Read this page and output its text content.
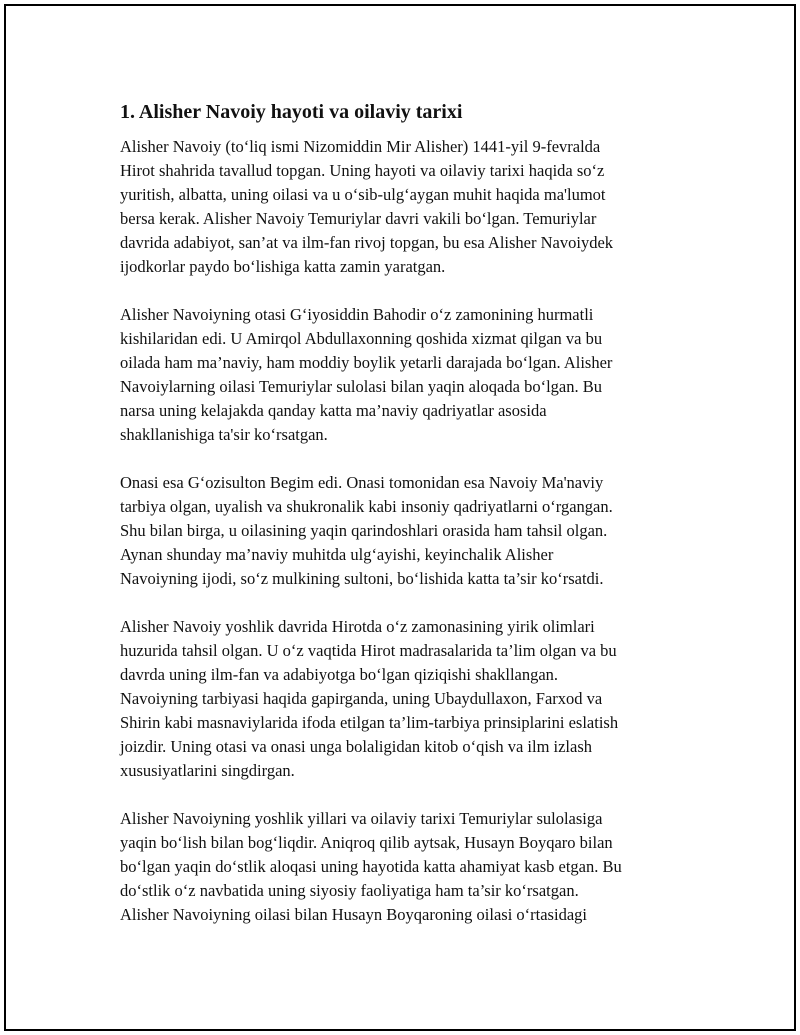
1. Alisher Navoiy hayoti va oilaviy tarixi

Alisher Navoiy (to‘liq ismi Nizomiddin Mir Alisher) 1441-yil 9-fevralda
Hirot shahrida tavallud topgan. Uning hayoti va oilaviy tarixi haqida so‘z
yuritish, albatta, uning oilasi va u o‘sib-ulg‘aygan muhit haqida ma'lumot
bersa kerak. Alisher Navoiy Temuriylar davri vakili bo‘lgan. Temuriylar
davrida adabiyot, san’at va ilm-fan rivoj topgan, bu esa Alisher Navoiydek
ijodkorlar paydo bo‘lishiga katta zamin yaratgan.

Alisher Navoiyning otasi G‘iyosiddin Bahodir o‘z zamonining hurmatli
kishilaridan edi. U Amirqol Abdullaxonning qoshida xizmat qilgan va bu
oilada ham ma’naviy, ham moddiy boylik yetarli darajada bo‘lgan. Alisher
Navoiylarning oilasi Temuriylar sulolasi bilan yaqin aloqada bo‘lgan. Bu
narsa uning kelajakda qanday katta ma’naviy qadriyatlar asosida
shakllanishiga ta'sir ko‘rsatgan.

Onasi esa G‘ozisulton Begim edi. Onasi tomonidan esa Navoiy Ma'naviy
tarbiya olgan, uyalish va shukronalik kabi insoniy qadriyatlarni o‘rgangan.
Shu bilan birga, u oilasining yaqin qarindoshlari orasida ham tahsil olgan.
Aynan shunday ma’naviy muhitda ulg‘ayishi, keyinchalik Alisher
Navoiyning ijodi, so‘z mulkining sultoni, bo‘lishida katta ta’sir ko‘rsatdi.

Alisher Navoiy yoshlik davrida Hirotda o‘z zamonasining yirik olimlari
huzurida tahsil olgan. U o‘z vaqtida Hirot madrasalarida ta’lim olgan va bu
davrda uning ilm-fan va adabiyotga bo‘lgan qiziqishi shakllangan.
Navoiyning tarbiyasi haqida gapirganda, uning Ubaydullaxon, Farxod va
Shirin kabi masnaviylarida ifoda etilgan ta’lim-tarbiya prinsiplarini eslatish
joizdir. Uning otasi va onasi unga bolaligidan kitob o‘qish va ilm izlash
xususiyatlarini singdirgan.

Alisher Navoiyning yoshlik yillari va oilaviy tarixi Temuriylar sulolasiga
yaqin bo‘lish bilan bog‘liqdir. Aniqroq qilib aytsak, Husayn Boyqaro bilan
bo‘lgan yaqin do‘stlik aloqasi uning hayotida katta ahamiyat kasb etgan. Bu
do‘stlik o‘z navbatida uning siyosiy faoliyatiga ham ta’sir ko‘rsatgan.
Alisher Navoiyning oilasi bilan Husayn Boyqaroning oilasi o‘rtasidagi
